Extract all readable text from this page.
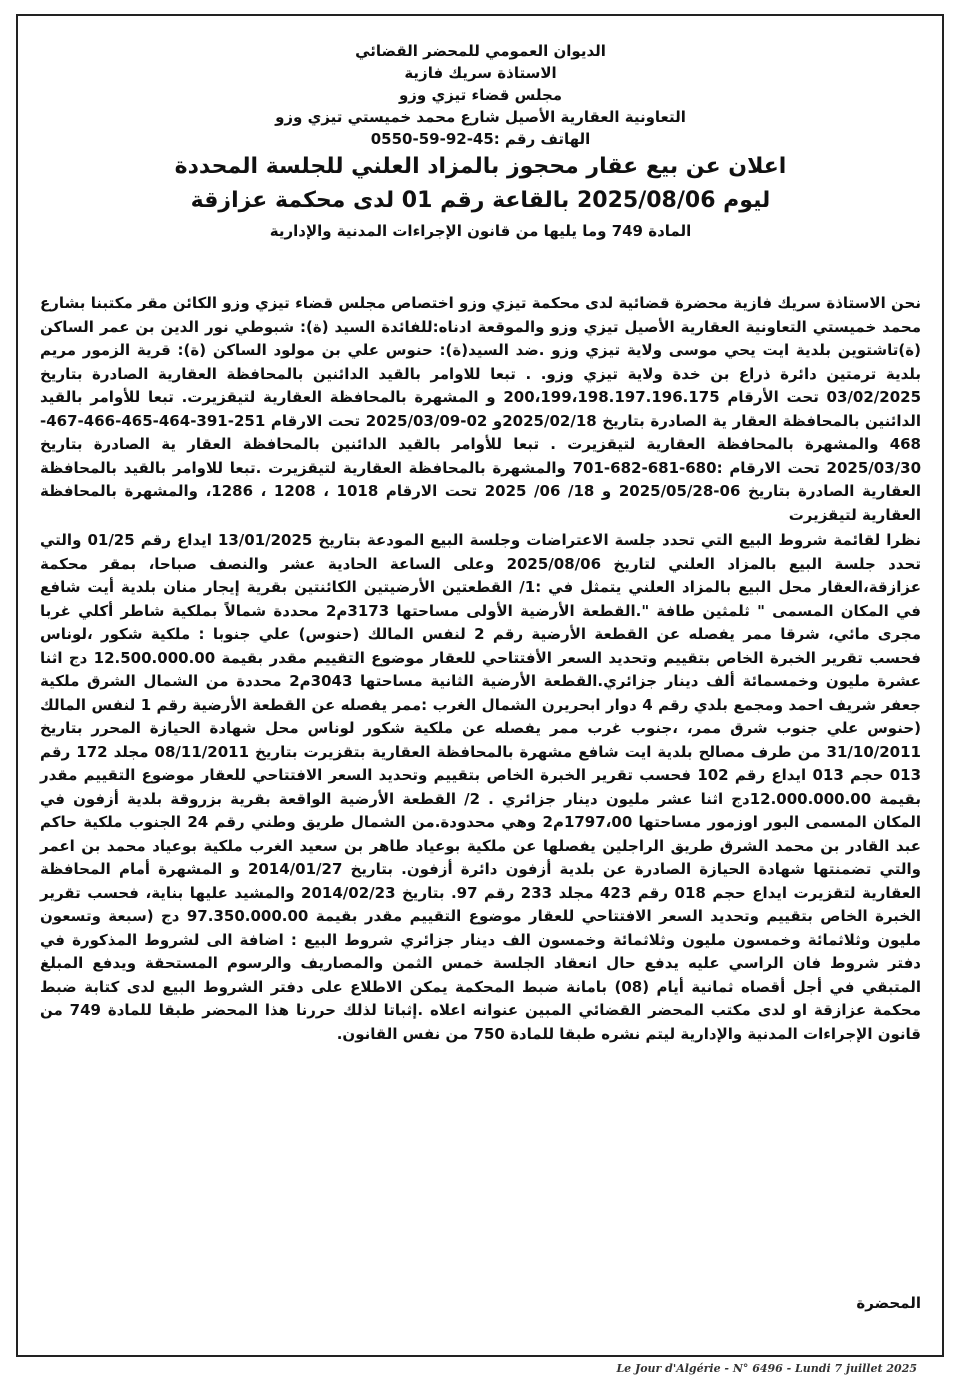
الديوان العمومي للمحضر القضائي

الاستاذة سريك فازية

مجلس قضاء تيزي وزو

التعاونية العقارية الأصيل شارع محمد خميستي تيزي وزو

الهاتف رقم :45-92-59-0550

اعلان عن بيع عقار محجوز بالمزاد العلني للجلسة المحددة

ليوم 2025/08/06 بالقاعة رقم 01 لدى محكمة عزازقة

المادة 749 وما يليها من قانون الإجراءات المدنية والإدارية

نحن الاستاذة سريك فازية محضرة قضائية لدى محكمة تيزي وزو اختصاص مجلس قضاء تيزي وزو الكائن مقر مكتبنا بشارع محمد خميستي التعاونية العقارية الأصيل تيزي وزو والموقعة ادناه:للفائدة السيد (ة): شبوطي نور الدين بن عمر الساكن (ة)تاشتوين بلدية ايت يحي موسى ولاية تيزي وزو .ضد السيد(ة): حنوس علي بن مولود الساكن (ة): قرية الزمور مريم بلدية ترمتين دائرة ذراع بن خدة ولاية تيزي وزو. . تبعا للاوامر بالقيد الدائنين بالمحافظة العقارية الصادرة بتاريخ 03/02/2025 تحت الأرقام 200،199،198.197.196.175 و المشهرة بالمحافظة العقارية لتيقزيرت. تبعا للأوامر بالقيد الدائنين بالمحافظة العقار ية الصادرة بتاريخ 2025/02/18و 02-2025/03/09 تحت الارقام 251-391-464-465-466-467-468 والمشهرة بالمحافظة العقارية لتيقزيرت . تبعا للأوامر بالقيد الدائنين بالمحافظة العقار ية الصادرة بتاريخ 2025/03/30 تحت الارقام :680-681-682-701 والمشهرة بالمحافظة العقارية لتيقزيرت .تبعا للاوامر بالقيد بالمحافظة العقارية الصادرة بتاريخ 06-2025/05/28 و 18/ 06/ 2025 تحت الارقام 1018 ، 1208 ، 1286، والمشهرة بالمحافظة العقارية لتيقزيرت

نظرا لقائمة شروط البيع التي تحدد جلسة الاعتراضات وجلسة البيع المودعة بتاريخ 13/01/2025 ايداع رقم 01/25 والتي تحدد جلسة البيع بالمزاد العلني لتاريخ 2025/08/06 وعلى الساعة الحادية عشر والنصف صباحا، بمقر محكمة عزازقة،العقار محل البيع بالمزاد العلني يتمثل في :1/ القطعتين الأرضيتين الكائنتين بقرية إيجار منان بلدية أيت شافع في المكان المسمى " ثلمثين طافة ".القطعة الأرضية الأولى مساحتها 3173م2 محددة شمالاً بملكية شاطر أكلي غربا مجرى مائي، شرقا ممر يفصله عن القطعة الأرضية رقم 2 لنفس المالك (حنوس) علي جنوبا : ملكية شكور ،لوناس فحسب تقرير الخبرة الخاص بتقييم وتحديد السعر الأفتتاحي للعقار موضوع التقييم مقدر بقيمة 12.500.000.00 دج اثنا عشرة مليون وخمسمائة ألف دينار جزائري.القطعة الأرضية الثانية مساحتها 3043م2 محددة من الشمال الشرق ملكية جعفر شريف احمد ومجمع بلدي رقم 4 دوار ابحريرن الشمال الغرب :ممر يفصله عن القطعة الأرضية رقم 1 لنفس المالك (حنوس علي جنوب شرق ممر، ،جنوب غرب ممر يفصله عن ملكية شكور لوناس محل شهادة الحيازة المحرر بتاريخ 31/10/2011 من طرف مصالح بلدية ايت شافع مشهرة بالمحافظة العقارية بتقزيرت بتاريخ 08/11/2011 مجلد 172 رقم 013 حجم 013 ايداع رقم 102 فحسب تقرير الخبرة الخاص بتقييم وتحديد السعر الافتتاحي للعقار موضوع التقييم مقدر بقيمة 12.000.000.00دج اثنا عشر مليون دينار جزائري . 2/ القطعة الأرضية الواقعة بقرية بزروقة بلدية أزفون في المكان المسمى البور اوزمور مساحتها 1797،00م2 وهي محدودة.من الشمال طريق وطني رقم 24 الجنوب ملكية حاكم عبد القادر بن محمد الشرق طريق الراجلين يفصلها عن ملكية بوعياد طاهر بن سعيد الغرب ملكية بوعياد محمد بن اعمر والتي تضمنتها شهادة الحيازة الصادرة عن بلدية أزفون دائرة أزفون. بتاريخ 2014/01/27 و المشهرة أمام المحافظة العقارية لتقزيرت ايداع حجم 018 رقم 423 مجلد 233 رقم 97. بتاريخ 2014/02/23 والمشيد عليها بناية، فحسب تقرير الخبرة الخاص بتقييم وتحديد السعر الافتتاحي للعقار موضوع التقييم مقدر بقيمة 97.350.000.00 دج (سبعة وتسعون مليون وثلاثمائة وخمسون مليون وثلاثمائة وخمسون الف دينار جزائري شروط البيع : اضافة الى لشروط المذكورة في دفتر شروط فان الراسي عليه يدفع حال انعقاد الجلسة خمس الثمن والمصاريف والرسوم المستحقة ويدفع المبلغ المتبقي في أجل أقصاه ثمانية أيام (08) بامانة ضبط المحكمة يمكن الاطلاع على دفتر الشروط البيع لدى كتابة ضبط محكمة عزازقة او لدى مكتب المحضر القضائي المبين عنوانه اعلاه .إثباتا لذلك حررنا هذا المحضر طبقا للمادة 749 من قانون الإجراءات المدنية والإدارية ليتم نشره طبقا للمادة 750 من نفس القانون.

المحضرة
Le Jour d'Algérie - N° 6496 - Lundi 7 juillet 2025
